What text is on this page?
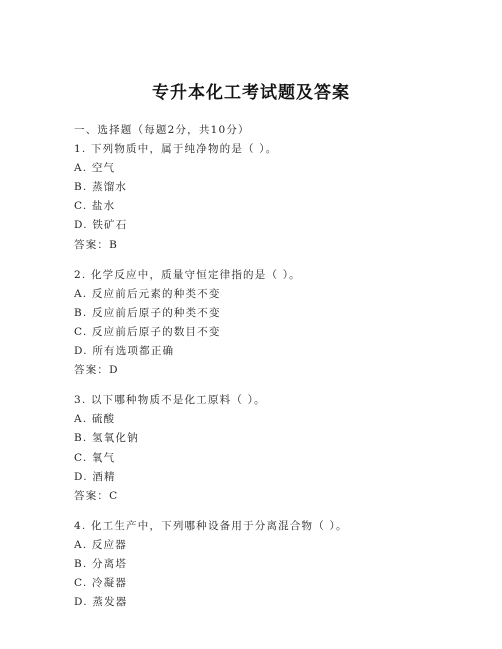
专升本化工考试题及答案
一、选择题（每题2分，共10分）
1. 下列物质中，属于纯净物的是（ ）。
A. 空气
B. 蒸馏水
C. 盐水
D. 铁矿石
答案：B
2. 化学反应中，质量守恒定律指的是（ ）。
A. 反应前后元素的种类不变
B. 反应前后原子的种类不变
C. 反应前后原子的数目不变
D. 所有选项都正确
答案：D
3. 以下哪种物质不是化工原料（ ）。
A. 硫酸
B. 氢氧化钠
C. 氧气
D. 酒精
答案：C
4. 化工生产中，下列哪种设备用于分离混合物（ ）。
A. 反应器
B. 分离塔
C. 冷凝器
D. 蒸发器
